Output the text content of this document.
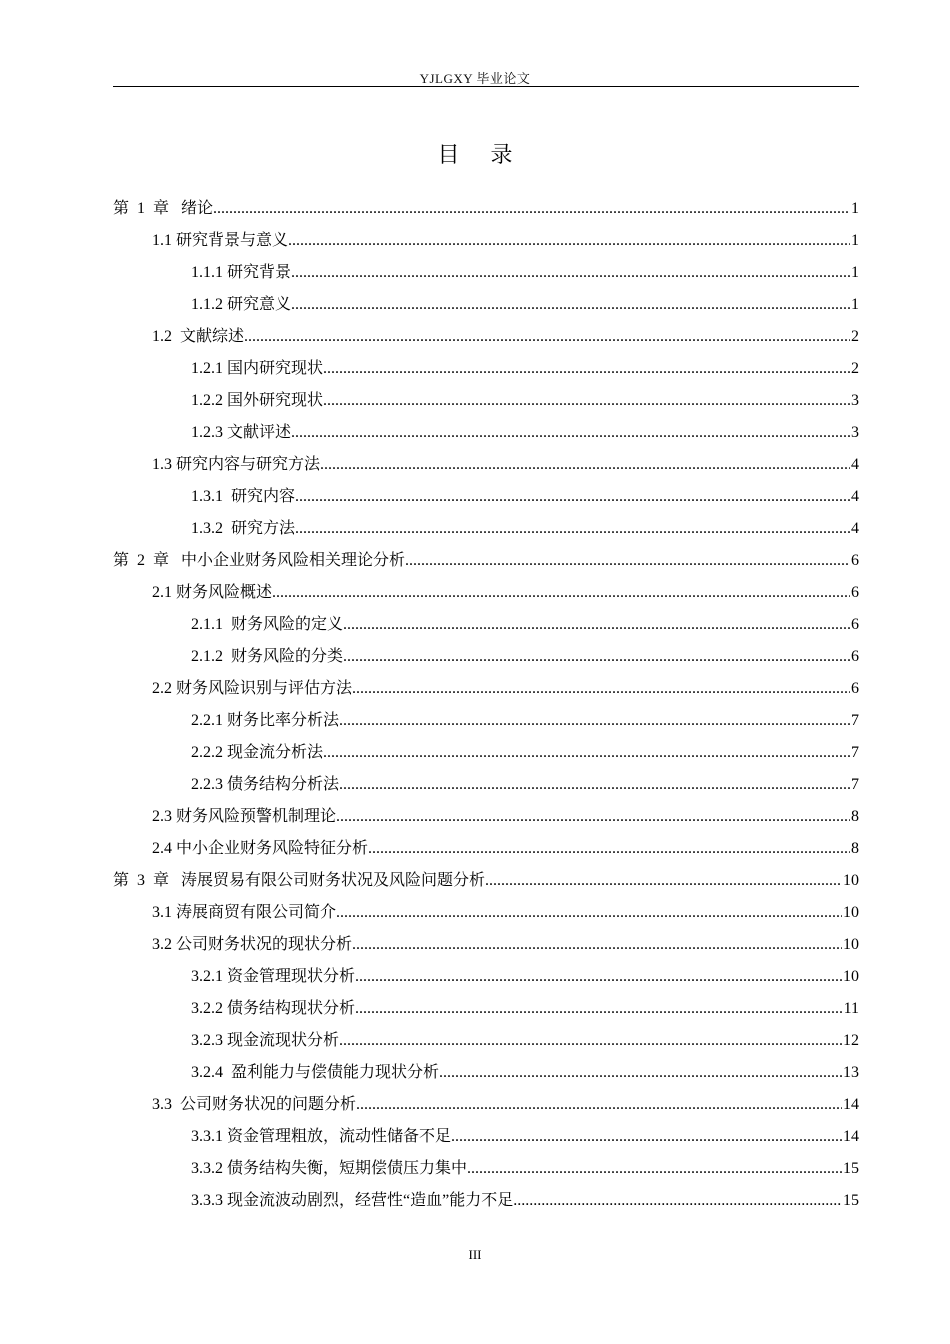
YJLGXY 毕业论文
目 录
第  1  章   绪论 .....	1
1.1 研究背景与意义 .....	1
1.1.1 研究背景 .....	1
1.1.2 研究意义 .....	1
1.2  文献综述 .....	2
1.2.1 国内研究现状 .....	2
1.2.2 国外研究现状 .....	3
1.2.3 文献评述 .....	3
1.3 研究内容与研究方法 .....	4
1.3.1  研究内容 .....	4
1.3.2  研究方法 .....	4
第  2  章   中小企业财务风险相关理论分析 .....	6
2.1 财务风险概述 .....	6
2.1.1  财务风险的定义 .....	6
2.1.2  财务风险的分类 .....	6
2.2 财务风险识别与评估方法 .....	6
2.2.1 财务比率分析法 .....	7
2.2.2 现金流分析法 .....	7
2.2.3 债务结构分析法 .....	7
2.3 财务风险预警机制理论 .....	8
2.4 中小企业财务风险特征分析 .....	8
第  3  章   涛展贸易有限公司财务状况及风险问题分析 .....	10
3.1 涛展商贸有限公司简介 .....	10
3.2 公司财务状况的现状分析 .....	10
3.2.1 资金管理现状分析 .....	10
3.2.2 债务结构现状分析 .....	11
3.2.3 现金流现状分析 .....	12
3.2.4  盈利能力与偿债能力现状分析 .....	13
3.3  公司财务状况的问题分析 .....	14
3.3.1 资金管理粗放，流动性储备不足 .....	14
3.3.2 债务结构失衡，短期偿债压力集中 .....	15
3.3.3 现金流波动剧烈，经营性“造血”能力不足 .....	15
III
